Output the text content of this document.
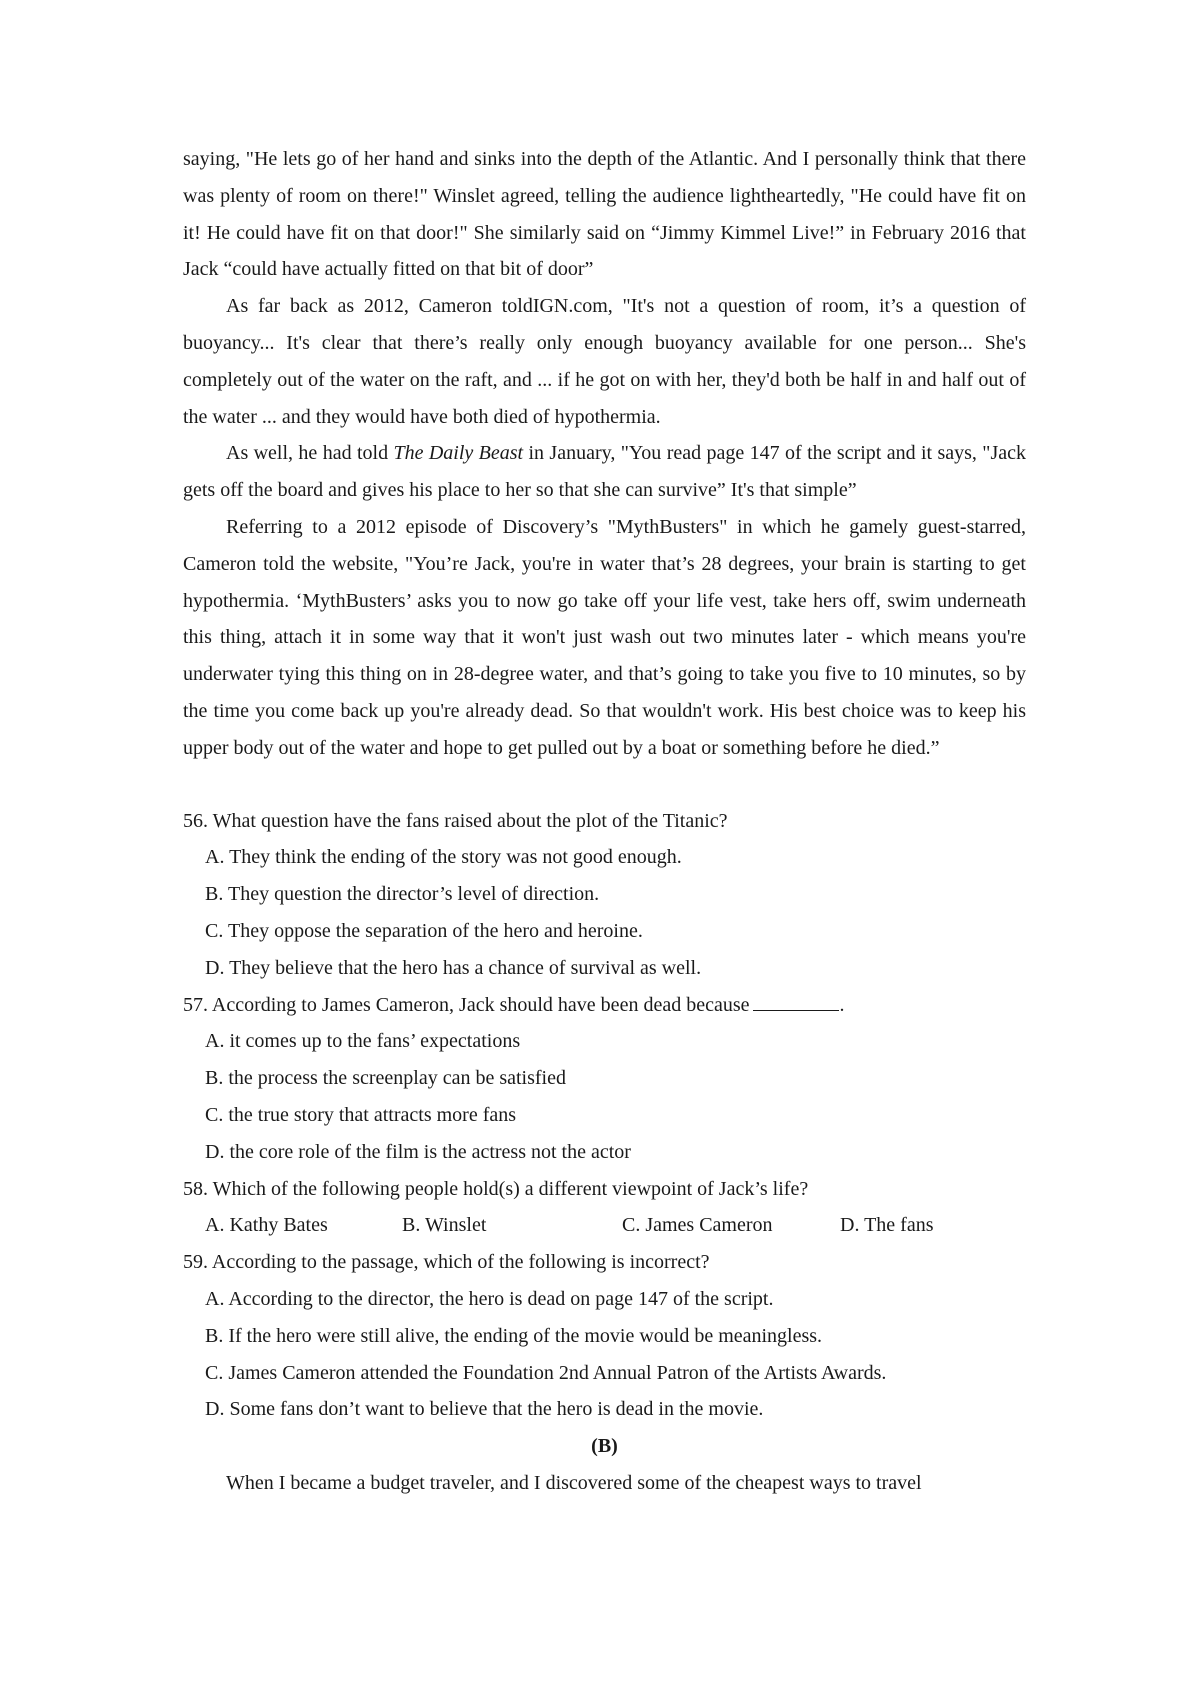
saying, "He lets go of her hand and sinks into the depth of the Atlantic. And I personally think that there was plenty of room on there!" Winslet agreed, telling the audience lightheartedly, "He could have fit on it! He could have fit on that door!" She similarly said on “Jimmy Kimmel Live!” in February 2016 that Jack “could have actually fitted on that bit of door”

As far back as 2012, Cameron toldIGN.com, "It's not a question of room, it’s a question of buoyancy... It's clear that there’s really only enough buoyancy available for one person... She's completely out of the water on the raft, and ... if he got on with her, they'd both be half in and half out of the water ... and they would have both died of hypothermia.

As well, he had told The Daily Beast in January, "You read page 147 of the script and it says, "Jack gets off the board and gives his place to her so that she can survive” It's that simple”

Referring to a 2012 episode of Discovery’s "MythBusters" in which he gamely guest-starred, Cameron told the website, "You’re Jack, you're in water that’s 28 degrees, your brain is starting to get hypothermia. ‘MythBusters’ asks you to now go take off your life vest, take hers off, swim underneath this thing, attach it in some way that it won't just wash out two minutes later - which means you're underwater tying this thing on in 28-degree water, and that’s going to take you five to 10 minutes, so by the time you come back up you're already dead. So that wouldn't work. His best choice was to keep his upper body out of the water and hope to get pulled out by a boat or something before he died.”

56. What question have the fans raised about the plot of the Titanic?

A. They think the ending of the story was not good enough.

B. They question the director’s level of direction.

C. They oppose the separation of the hero and heroine.

D. They believe that the hero has a chance of survival as well.

57. According to James Cameron, Jack should have been dead because	.

A. it comes up to the fans’ expectations

B. the process the screenplay can be satisfied

C. the true story that attracts more fans

D. the core role of the film is the actress not the actor

58. Which of the following people hold(s) a different viewpoint of Jack’s life?

A. Kathy Bates	B. Winslet	C. James Cameron	D. The fans

59. According to the passage, which of the following is incorrect?

A. According to the director, the hero is dead on page 147 of the script.

B. If the hero were still alive, the ending of the movie would be meaningless.

C. James Cameron attended the Foundation 2nd Annual Patron of the Artists Awards.

D. Some fans don’t want to believe that the hero is dead in the movie.

(B)

When I became a budget traveler, and I discovered some of the cheapest ways to travel
